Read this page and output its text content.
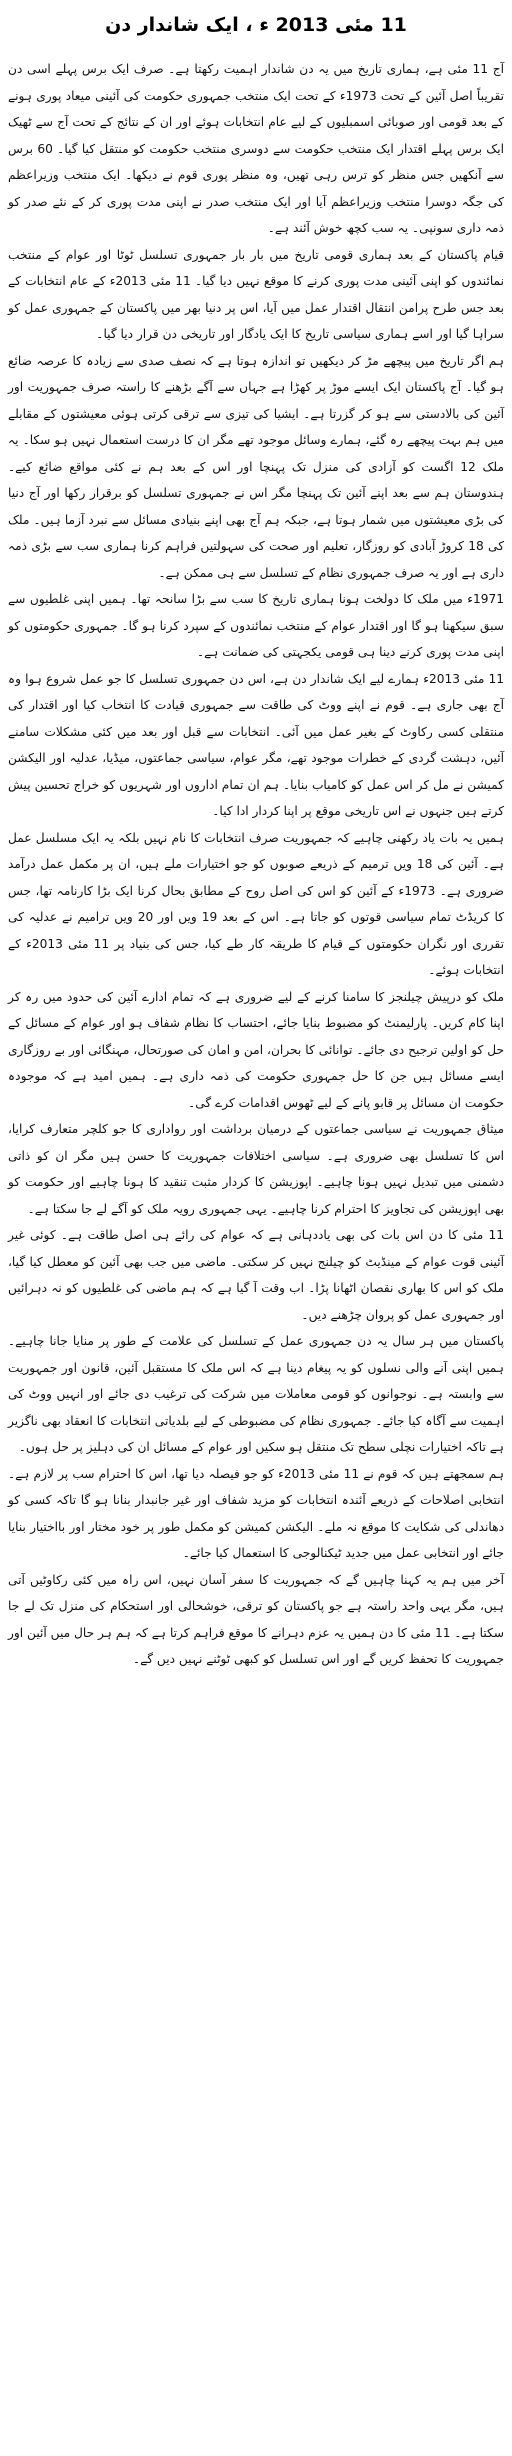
11 مئی 2013 ء ، ایک شاندار دن

آج 11 مئی ہے، ہماری تاریخ میں یہ دن شاندار اہمیت رکھتا ہے۔ صرف ایک برس پہلے اسی دن تقریباً اصل آئین کے تحت 1973ء کے تحت ایک منتخب جمہوری حکومت کی آئینی میعاد پوری ہونے کے بعد قومی اور صوبائی اسمبلیوں کے لیے عام انتخابات ہوئے اور ان کے نتائج کے تحت آج سے ٹھیک ایک برس پہلے اقتدار ایک منتخب حکومت سے دوسری منتخب حکومت کو منتقل کیا گیا۔ 60 برس سے آنکھیں جس منظر کو ترس رہی تھیں، وہ منظر پوری قوم نے دیکھا۔ ایک منتخب وزیراعظم کی جگہ دوسرا منتخب وزیراعظم آیا اور ایک منتخب صدر نے اپنی مدت پوری کر کے نئے صدر کو ذمہ داری سونپی۔ یہ سب کچھ خوش آئند ہے۔

قیام پاکستان کے بعد ہماری قومی تاریخ میں بار بار جمہوری تسلسل ٹوٹا اور عوام کے منتخب نمائندوں کو اپنی آئینی مدت پوری کرنے کا موقع نہیں دیا گیا۔ 11 مئی 2013ء کے عام انتخابات کے بعد جس طرح پرامن انتقال اقتدار عمل میں آیا، اس پر دنیا بھر میں پاکستان کے جمہوری عمل کو سراہا گیا اور اسے ہماری سیاسی تاریخ کا ایک یادگار اور تاریخی دن قرار دیا گیا۔

ہم اگر تاریخ میں پیچھے مڑ کر دیکھیں تو اندازہ ہوتا ہے کہ نصف صدی سے زیادہ کا عرصہ ضائع ہو گیا۔ آج پاکستان ایک ایسے موڑ پر کھڑا ہے جہاں سے آگے بڑھنے کا راستہ صرف جمہوریت اور آئین کی بالادستی سے ہو کر گزرتا ہے۔ ایشیا کی تیزی سے ترقی کرتی ہوئی معیشتوں کے مقابلے میں ہم بہت پیچھے رہ گئے، ہمارے وسائل موجود تھے مگر ان کا درست استعمال نہیں ہو سکا۔ یہ ملک 12 اگست کو آزادی کی منزل تک پہنچا اور اس کے بعد ہم نے کئی مواقع ضائع کیے۔ ہندوستان ہم سے بعد اپنے آئین تک پہنچا مگر اس نے جمہوری تسلسل کو برقرار رکھا اور آج دنیا کی بڑی معیشتوں میں شمار ہوتا ہے، جبکہ ہم آج بھی اپنے بنیادی مسائل سے نبرد آزما ہیں۔ ملک کی 18 کروڑ آبادی کو روزگار، تعلیم اور صحت کی سہولتیں فراہم کرنا ہماری سب سے بڑی ذمہ داری ہے اور یہ صرف جمہوری نظام کے تسلسل سے ہی ممکن ہے۔

1971ء میں ملک کا دولخت ہونا ہماری تاریخ کا سب سے بڑا سانحہ تھا۔ ہمیں اپنی غلطیوں سے سبق سیکھنا ہو گا اور اقتدار عوام کے منتخب نمائندوں کے سپرد کرنا ہو گا۔ جمہوری حکومتوں کو اپنی مدت پوری کرنے دینا ہی قومی یکجہتی کی ضمانت ہے۔

11 مئی 2013ء ہمارے لیے ایک شاندار دن ہے، اس دن جمہوری تسلسل کا جو عمل شروع ہوا وہ آج بھی جاری ہے۔ قوم نے اپنے ووٹ کی طاقت سے جمہوری قیادت کا انتخاب کیا اور اقتدار کی منتقلی کسی رکاوٹ کے بغیر عمل میں آئی۔ انتخابات سے قبل اور بعد میں کئی مشکلات سامنے آئیں، دہشت گردی کے خطرات موجود تھے، مگر عوام، سیاسی جماعتوں، میڈیا، عدلیہ اور الیکشن کمیشن نے مل کر اس عمل کو کامیاب بنایا۔ ہم ان تمام اداروں اور شہریوں کو خراج تحسین پیش کرتے ہیں جنہوں نے اس تاریخی موقع پر اپنا کردار ادا کیا۔

ہمیں یہ بات یاد رکھنی چاہیے کہ جمہوریت صرف انتخابات کا نام نہیں بلکہ یہ ایک مسلسل عمل ہے۔ آئین کی 18 ویں ترمیم کے ذریعے صوبوں کو جو اختیارات ملے ہیں، ان پر مکمل عمل درآمد ضروری ہے۔ 1973ء کے آئین کو اس کی اصل روح کے مطابق بحال کرنا ایک بڑا کارنامہ تھا، جس کا کریڈٹ تمام سیاسی قوتوں کو جاتا ہے۔ اس کے بعد 19 ویں اور 20 ویں ترامیم نے عدلیہ کی تقرری اور نگران حکومتوں کے قیام کا طریقہ کار طے کیا، جس کی بنیاد پر 11 مئی 2013ء کے انتخابات ہوئے۔

ملک کو درپیش چیلنجز کا سامنا کرنے کے لیے ضروری ہے کہ تمام ادارے آئین کی حدود میں رہ کر اپنا کام کریں۔ پارلیمنٹ کو مضبوط بنایا جائے، احتساب کا نظام شفاف ہو اور عوام کے مسائل کے حل کو اولین ترجیح دی جائے۔ توانائی کا بحران، امن و امان کی صورتحال، مہنگائی اور بے روزگاری ایسے مسائل ہیں جن کا حل جمہوری حکومت کی ذمہ داری ہے۔ ہمیں امید ہے کہ موجودہ حکومت ان مسائل پر قابو پانے کے لیے ٹھوس اقدامات کرے گی۔

میثاق جمہوریت نے سیاسی جماعتوں کے درمیان برداشت اور رواداری کا جو کلچر متعارف کرایا، اس کا تسلسل بھی ضروری ہے۔ سیاسی اختلافات جمہوریت کا حسن ہیں مگر ان کو ذاتی دشمنی میں تبدیل نہیں ہونا چاہیے۔ اپوزیشن کا کردار مثبت تنقید کا ہونا چاہیے اور حکومت کو بھی اپوزیشن کی تجاویز کا احترام کرنا چاہیے۔ یہی جمہوری رویہ ملک کو آگے لے جا سکتا ہے۔

11 مئی کا دن اس بات کی بھی یاددہانی ہے کہ عوام کی رائے ہی اصل طاقت ہے۔ کوئی غیر آئینی قوت عوام کے مینڈیٹ کو چیلنج نہیں کر سکتی۔ ماضی میں جب بھی آئین کو معطل کیا گیا، ملک کو اس کا بھاری نقصان اٹھانا پڑا۔ اب وقت آ گیا ہے کہ ہم ماضی کی غلطیوں کو نہ دہرائیں اور جمہوری عمل کو پروان چڑھنے دیں۔

پاکستان میں ہر سال یہ دن جمہوری عمل کے تسلسل کی علامت کے طور پر منایا جانا چاہیے۔ ہمیں اپنی آنے والی نسلوں کو یہ پیغام دینا ہے کہ اس ملک کا مستقبل آئین، قانون اور جمہوریت سے وابستہ ہے۔ نوجوانوں کو قومی معاملات میں شرکت کی ترغیب دی جائے اور انہیں ووٹ کی اہمیت سے آگاہ کیا جائے۔ جمہوری نظام کی مضبوطی کے لیے بلدیاتی انتخابات کا انعقاد بھی ناگزیر ہے تاکہ اختیارات نچلی سطح تک منتقل ہو سکیں اور عوام کے مسائل ان کی دہلیز پر حل ہوں۔

ہم سمجھتے ہیں کہ قوم نے 11 مئی 2013ء کو جو فیصلہ دیا تھا، اس کا احترام سب پر لازم ہے۔ انتخابی اصلاحات کے ذریعے آئندہ انتخابات کو مزید شفاف اور غیر جانبدار بنانا ہو گا تاکہ کسی کو دھاندلی کی شکایت کا موقع نہ ملے۔ الیکشن کمیشن کو مکمل طور پر خود مختار اور بااختیار بنایا جائے اور انتخابی عمل میں جدید ٹیکنالوجی کا استعمال کیا جائے۔

آخر میں ہم یہ کہنا چاہیں گے کہ جمہوریت کا سفر آسان نہیں، اس راہ میں کئی رکاوٹیں آتی ہیں، مگر یہی واحد راستہ ہے جو پاکستان کو ترقی، خوشحالی اور استحکام کی منزل تک لے جا سکتا ہے۔ 11 مئی کا دن ہمیں یہ عزم دہرانے کا موقع فراہم کرتا ہے کہ ہم ہر حال میں آئین اور جمہوریت کا تحفظ کریں گے اور اس تسلسل کو کبھی ٹوٹنے نہیں دیں گے۔
